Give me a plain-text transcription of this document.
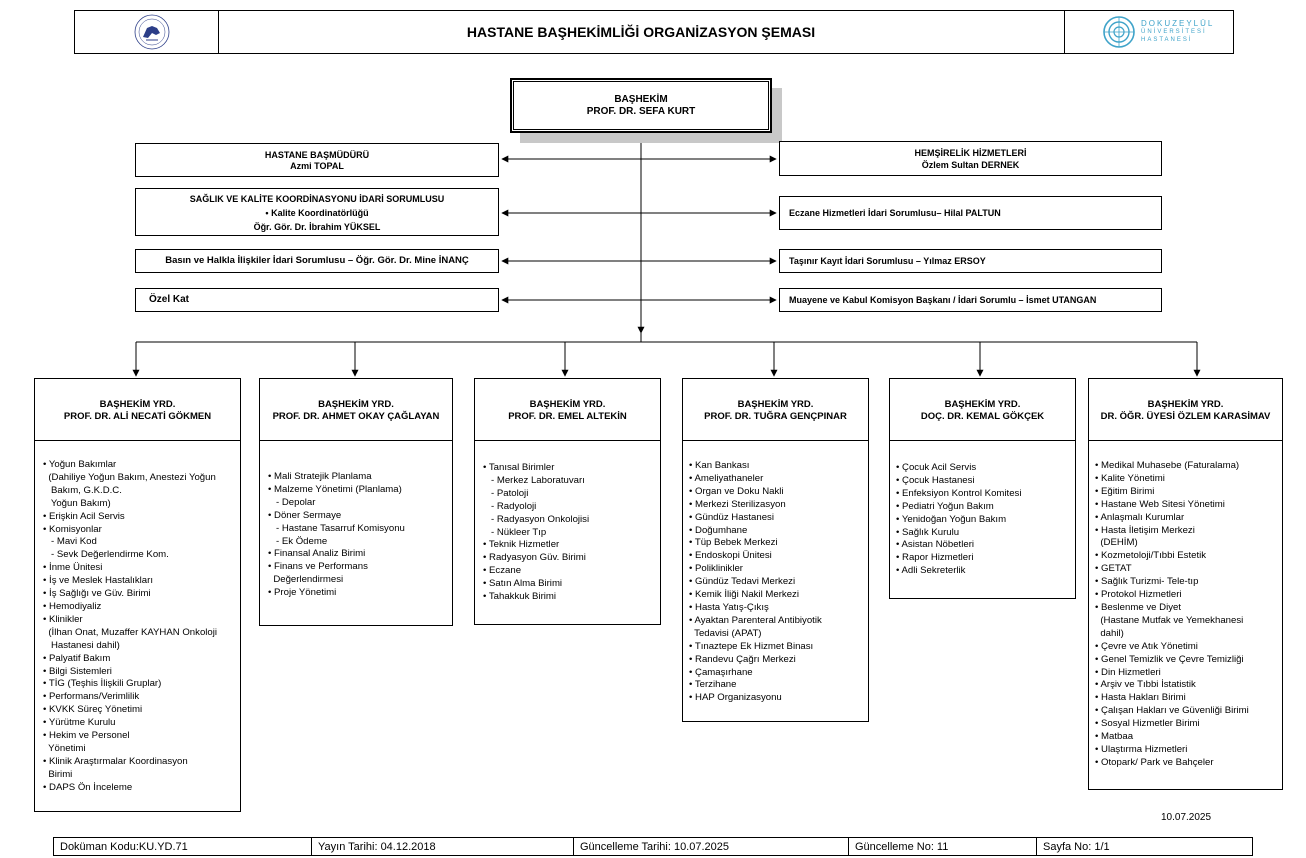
HASTANE BAŞHEKİMLİĞİ ORGANİZASYON ŞEMASI
DOKUZEYLÜL
ÜNİVERSİTESİ
HASTANESİ
BAŞHEKİM
PROF. DR. SEFA KURT
HASTANE BAŞMÜDÜRÜ
Azmi TOPAL
SAĞLIK VE KALİTE KOORDİNASYONU İDARİ SORUMLUSU
• Kalite Koordinatörlüğü
Öğr. Gör. Dr. İbrahim YÜKSEL
Basın ve Halkla İlişkiler İdari Sorumlusu – Öğr. Gör. Dr. Mine İNANÇ
Özel Kat
HEMŞİRELİK HİZMETLERİ
Özlem Sultan DERNEK
Eczane Hizmetleri İdari Sorumlusu– Hilal PALTUN
Taşınır Kayıt İdari Sorumlusu – Yılmaz ERSOY
Muayene ve Kabul Komisyon Başkanı / İdari Sorumlu – İsmet UTANGAN
BAŞHEKİM YRD.
PROF. DR. ALİ NECATİ GÖKMEN
• Yoğun Bakımlar
(Dahiliye Yoğun Bakım, Anestezi Yoğun
Bakım, G.K.D.C.
Yoğun Bakım)
• Erişkin Acil Servis
• Komisyonlar
- Mavi Kod
- Sevk Değerlendirme Kom.
• İnme Ünitesi
• İş ve Meslek Hastalıkları
• İş Sağlığı ve Güv. Birimi
• Hemodiyaliz
• Klinikler
(İlhan Onat, Muzaffer KAYHAN Onkoloji
Hastanesi dahil)
• Palyatif Bakım
• Bilgi Sistemleri
• TİG (Teşhis İlişkili Gruplar)
• Performans/Verimlilik
• KVKK Süreç Yönetimi
• Yürütme Kurulu
• Hekim ve Personel
Yönetimi
• Klinik Araştırmalar Koordinasyon
Birimi
• DAPS Ön İnceleme
BAŞHEKİM YRD.
PROF. DR. AHMET OKAY ÇAĞLAYAN
• Mali Stratejik Planlama
• Malzeme Yönetimi (Planlama)
- Depolar
• Döner Sermaye
- Hastane Tasarruf Komisyonu
- Ek Ödeme
• Finansal Analiz Birimi
• Finans ve Performans
Değerlendirmesi
• Proje Yönetimi
BAŞHEKİM YRD.
PROF. DR. EMEL ALTEKİN
• Tanısal Birimler
- Merkez Laboratuvarı
- Patoloji
- Radyoloji
- Radyasyon Onkolojisi
- Nükleer Tıp
• Teknik Hizmetler
• Radyasyon Güv. Birimi
• Eczane
• Satın Alma Birimi
• Tahakkuk Birimi
BAŞHEKİM YRD.
PROF. DR. TUĞRA GENÇPINAR
• Kan Bankası
• Ameliyathaneler
• Organ ve Doku Nakli
• Merkezi Sterilizasyon
• Gündüz Hastanesi
• Doğumhane
• Tüp Bebek Merkezi
• Endoskopi Ünitesi
• Poliklinikler
• Gündüz Tedavi Merkezi
• Kemik İliği Nakil Merkezi
• Hasta Yatış-Çıkış
• Ayaktan Parenteral Antibiyotik
Tedavisi (APAT)
• Tınaztepe Ek Hizmet Binası
• Randevu Çağrı Merkezi
• Çamaşırhane
• Terzihane
• HAP Organizasyonu
BAŞHEKİM YRD.
DOÇ. DR. KEMAL GÖKÇEK
• Çocuk Acil Servis
• Çocuk Hastanesi
• Enfeksiyon Kontrol Komitesi
• Pediatri Yoğun Bakım
• Yenidoğan Yoğun Bakım
• Sağlık Kurulu
• Asistan Nöbetleri
• Rapor Hizmetleri
• Adli Sekreterlik
BAŞHEKİM YRD.
DR. ÖĞR. ÜYESİ ÖZLEM KARASİMAV
• Medikal Muhasebe (Faturalama)
• Kalite Yönetimi
• Eğitim Birimi
• Hastane Web Sitesi Yönetimi
• Anlaşmalı Kurumlar
• Hasta İletişim Merkezi
(DEHİM)
• Kozmetoloji/Tıbbi Estetik
• GETAT
• Sağlık Turizmi- Tele-tıp
• Protokol Hizmetleri
• Beslenme ve Diyet
(Hastane Mutfak ve Yemekhanesi
dahil)
• Çevre ve Atık Yönetimi
• Genel Temizlik ve Çevre Temizliği
• Din Hizmetleri
• Arşiv ve Tıbbi İstatistik
• Hasta Hakları Birimi
• Çalışan Hakları ve Güvenliği Birimi
• Sosyal Hizmetler Birimi
• Matbaa
• Ulaştırma Hizmetleri
• Otopark/ Park ve Bahçeler
10.07.2025
Doküman Kodu:KU.YD.71	Yayın Tarihi: 04.12.2018	Güncelleme Tarihi: 10.07.2025	Güncelleme No: 11	Sayfa No: 1/1
